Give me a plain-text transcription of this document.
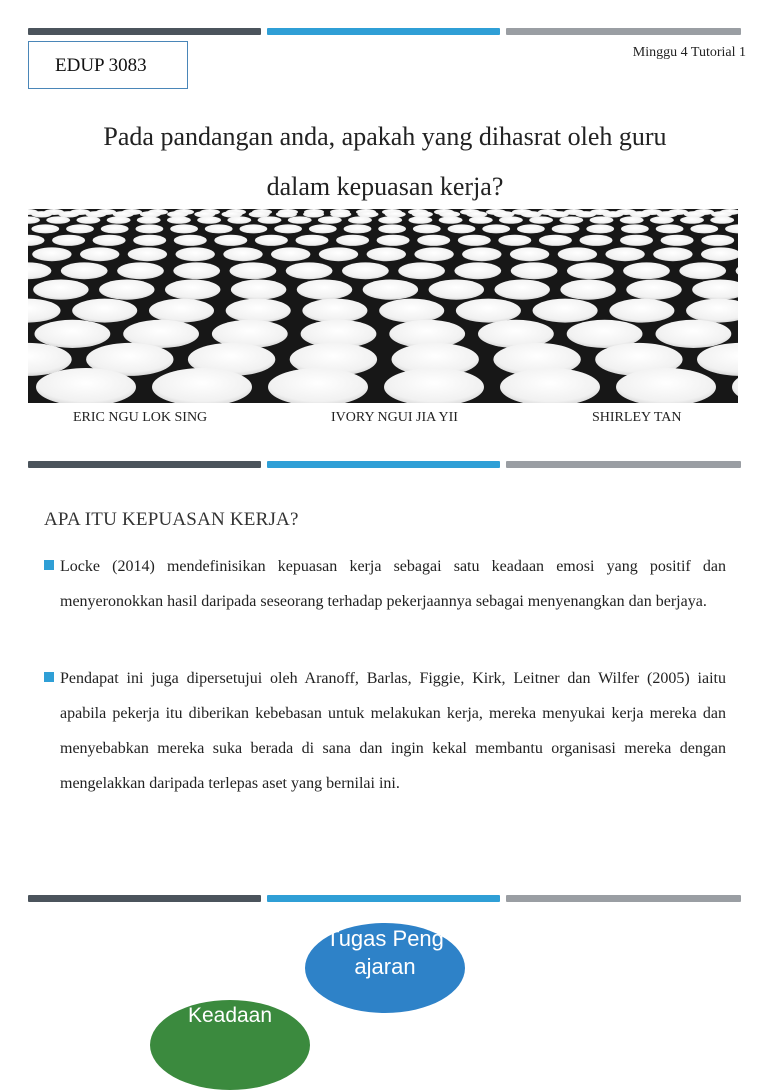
EDUP 3083
Minggu 4 Tutorial 1
Pada pandangan anda, apakah yang dihasrat oleh guru
dalam kepuasan kerja?
ERIC NGU LOK SING	IVORY NGUI JIA YII	SHIRLEY TAN
APA ITU KEPUASAN KERJA?
Locke (2014) mendefinisikan kepuasan kerja sebagai satu keadaan emosi yang positif dan menyeronokkan hasil daripada seseorang terhadap pekerjaannya sebagai menyenangkan dan berjaya.
Pendapat ini juga dipersetujui oleh Aranoff, Barlas, Figgie, Kirk, Leitner dan Wilfer (2005) iaitu apabila pekerja itu diberikan kebebasan untuk melakukan kerja, mereka menyukai kerja mereka dan menyebabkan mereka suka berada di sana dan ingin kekal membantu organisasi mereka dengan mengelakkan daripada terlepas aset yang bernilai ini.
Tugas Pengajaran
Keadaan
